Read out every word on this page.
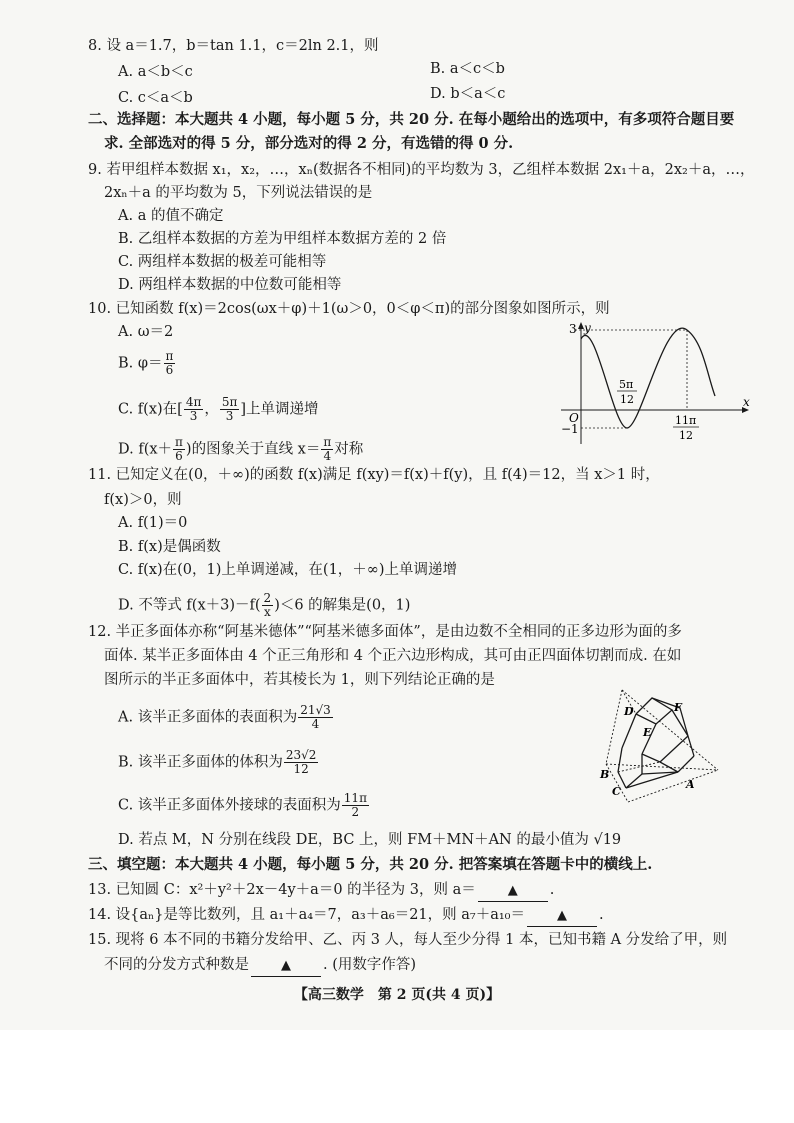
8. 设 a＝1.7，b＝tan 1.1，c＝2ln 2.1，则
A. a＜b＜c	B. a＜c＜b
C. c＜a＜b	D. b＜a＜c
二、选择题：本大题共 4 小题，每小题 5 分，共 20 分. 在每小题给出的选项中，有多项符合题目要
求. 全部选对的得 5 分，部分选对的得 2 分，有选错的得 0 分.
9. 若甲组样本数据 x₁，x₂，…，xₙ(数据各不相同)的平均数为 3，乙组样本数据 2x₁＋a，2x₂＋a，…，
2xₙ＋a 的平均数为 5，下列说法错误的是
A. a 的值不确定
B. 乙组样本数据的方差为甲组样本数据方差的 2 倍
C. 两组样本数据的极差可能相等
D. 两组样本数据的中位数可能相等
10. 已知函数 f(x)＝2cos(ωx＋φ)＋1(ω＞0，0＜φ＜π)的部分图象如图所示，则
A. ω＝2
B. $\varphi= \frac{\pi}{6}$
C. f(x)在[ $\frac{4\pi}{3}$ ， $\frac{5\pi}{3}$ ]上单调递增
D. $f(x+ \frac{\pi}{6}$ )的图象关于直线 $x= \frac{\pi}{4}$ 对称
3 y
x
O
−1
5π
12
11π
12
11. 已知定义在(0，＋∞)的函数 f(x)满足 f(xy)＝f(x)＋f(y)，且 f(4)＝12，当 x＞1 时，
f(x)＞0，则
A. f(1)＝0
B. f(x)是偶函数
C. f(x)在(0，1)上单调递减，在(1，＋∞)上单调递增
D. 不等式 $f(x+3)-f( \frac{2}{x} )<6$ 的解集是(0，1)
12. 半正多面体亦称“阿基米德体”“阿基米德多面体”，是由边数不全相同的正多边形为面的多
面体. 某半正多面体由 4 个正三角形和 4 个正六边形构成，其可由正四面体切割而成. 在如
图所示的半正多面体中，若其棱长为 1，则下列结论正确的是
A. 该半正多面体的表面积为 $\frac{21√3}{4}$
B. 该半正多面体的体积为 $\frac{23√2}{12}$
C. 该半正多面体外接球的表面积为 $\frac{11\pi}{2}$
D. 若点 M，N 分别在线段 DE，BC 上，则 FM＋MN＋AN 的最小值为 √19
D	F
E
B
C
A
三、填空题：本大题共 4 小题，每小题 5 分，共 20 分. 把答案填在答题卡中的横线上.
13. 已知圆 C：x²＋y²＋2x－4y＋a＝0 的半径为 3，则 a＝ ▲ .
14. 设{aₙ}是等比数列，且 a₁＋a₄＝7，a₃＋a₆＝21，则 a₇＋a₁₀＝ ▲ .
15. 现将 6 本不同的书籍分发给甲、乙、丙 3 人，每人至少分得 1 本，已知书籍 A 分发给了甲，则
不同的分发方式种数是 ▲ . (用数字作答)
【高三数学　第 2 页(共 4 页)】
